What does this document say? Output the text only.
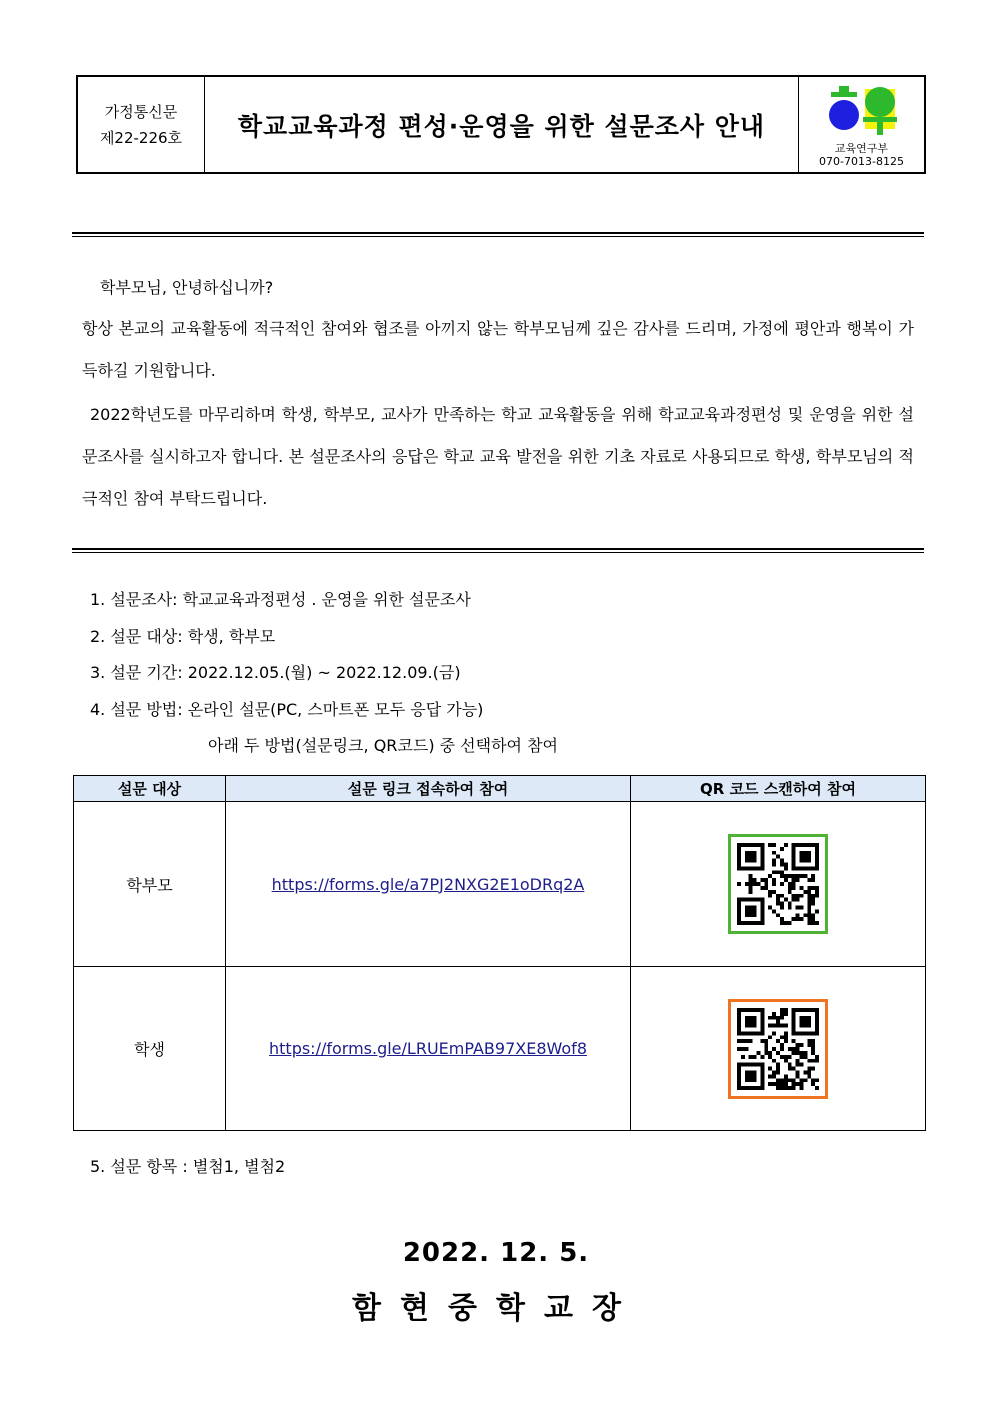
가정통신문
제22-226호	학교교육과정 편성·운영을 위한 설문조사 안내
교육연구부
070-7013-8125
학부모님, 안녕하십니까?

항상 본교의 교육활동에 적극적인 참여와 협조를 아끼지 않는 학부모님께 깊은 감사를 드리며, 가정에 평안과 행복이 가득하길 기원합니다.

2022학년도를 마무리하며 학생, 학부모, 교사가 만족하는 학교 교육활동을 위해 학교교육과정편성 및 운영을 위한 설문조사를 실시하고자 합니다. 본 설문조사의 응답은 학교 교육 발전을 위한 기초 자료로 사용되므로 학생, 학부모님의 적극적인 참여 부탁드립니다.

1. 설문조사: 학교교육과정편성 . 운영을 위한 설문조사
2. 설문 대상: 학생, 학부모
3. 설문 기간: 2022.12.05.(월) ~ 2022.12.09.(금)
4. 설문 방법: 온라인 설문(PC, 스마트폰 모두 응답 가능)
아래 두 방법(설문링크, QR코드) 중 선택하여 참여
설문 대상	설문 링크 접속하여 참여	QR 코드 스캔하여 참여
학부모	https://forms.gle/a7PJ2NXG2E1oDRq2A	

학생	https://forms.gle/LRUEmPAB97XE8Wof8	
5. 설문 항목 : 별첨1, 별첨2
2022. 12. 5.
함현중학교장
